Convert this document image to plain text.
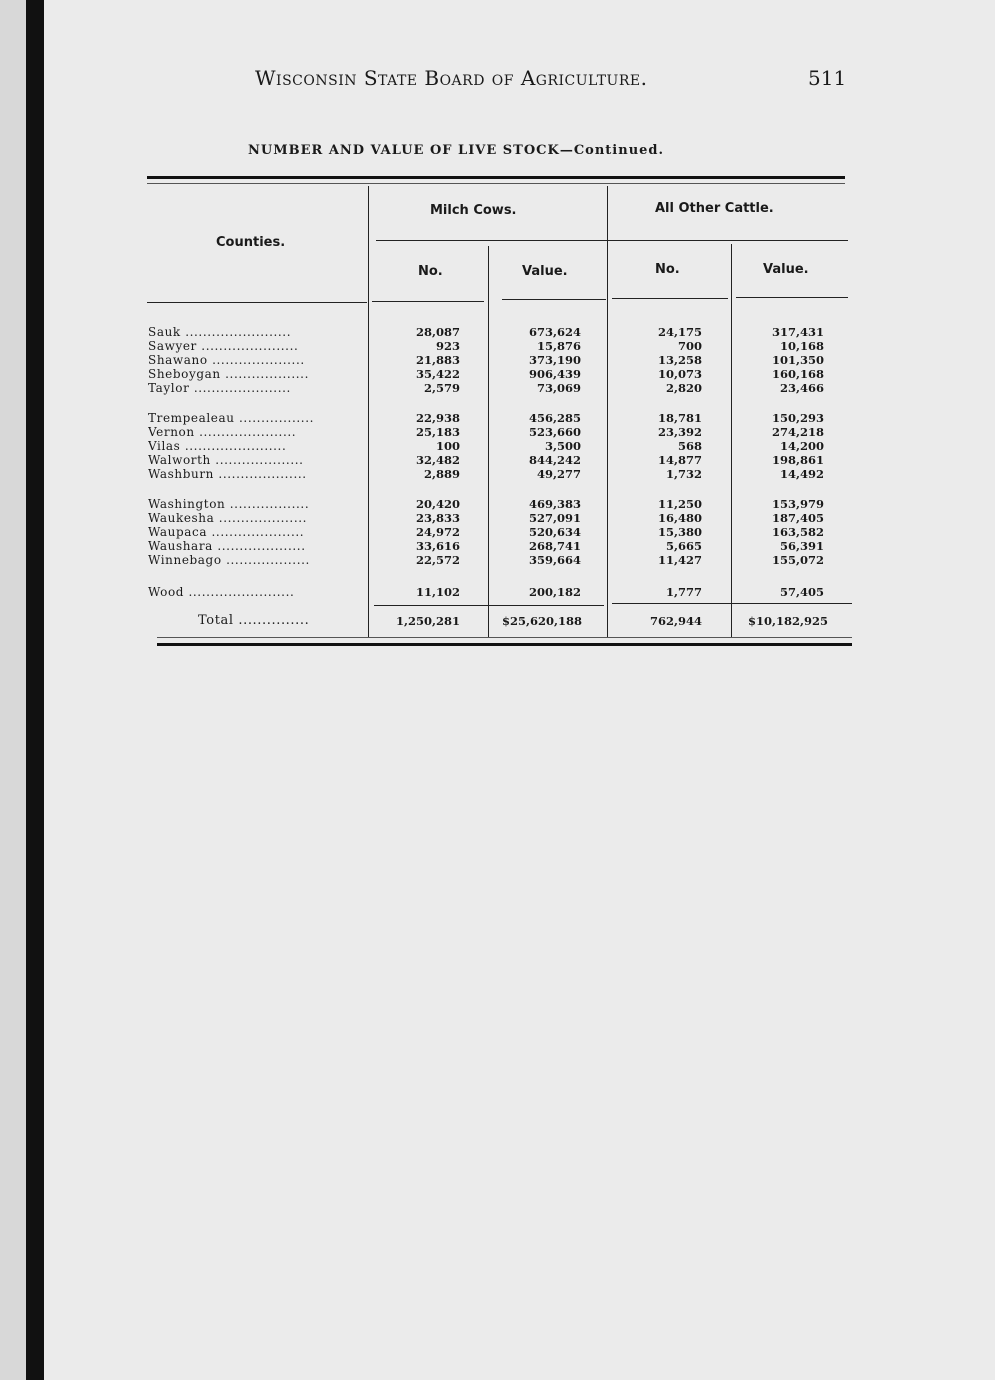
Wisconsin State Board of Agriculture.	511
NUMBER AND VALUE OF LIVE STOCK—Continued.
Counties.
Milch Cows.	All Other Cattle.
No.	Value.	No.	Value.
Sauk ........................	28,087	673,624	24,175	317,431
Sawyer ......................	923	15,876	700	10,168
Shawano .....................	21,883	373,190	13,258	101,350
Sheboygan ...................	35,422	906,439	10,073	160,168
Taylor ......................	2,579	73,069	2,820	23,466
Trempealeau .................	22,938	456,285	18,781	150,293
Vernon ......................	25,183	523,660	23,392	274,218
Vilas .......................	100	3,500	568	14,200
Walworth ....................	32,482	844,242	14,877	198,861
Washburn ....................	2,889	49,277	1,732	14,492
Washington ..................	20,420	469,383	11,250	153,979
Waukesha ....................	23,833	527,091	16,480	187,405
Waupaca .....................	24,972	520,634	15,380	163,582
Waushara ....................	33,616	268,741	5,665	56,391
Winnebago ...................	22,572	359,664	11,427	155,072
Wood ........................	11,102	200,182	1,777	57,405
Total ...............	1,250,281	$25,620,188	762,944	$10,182,925
